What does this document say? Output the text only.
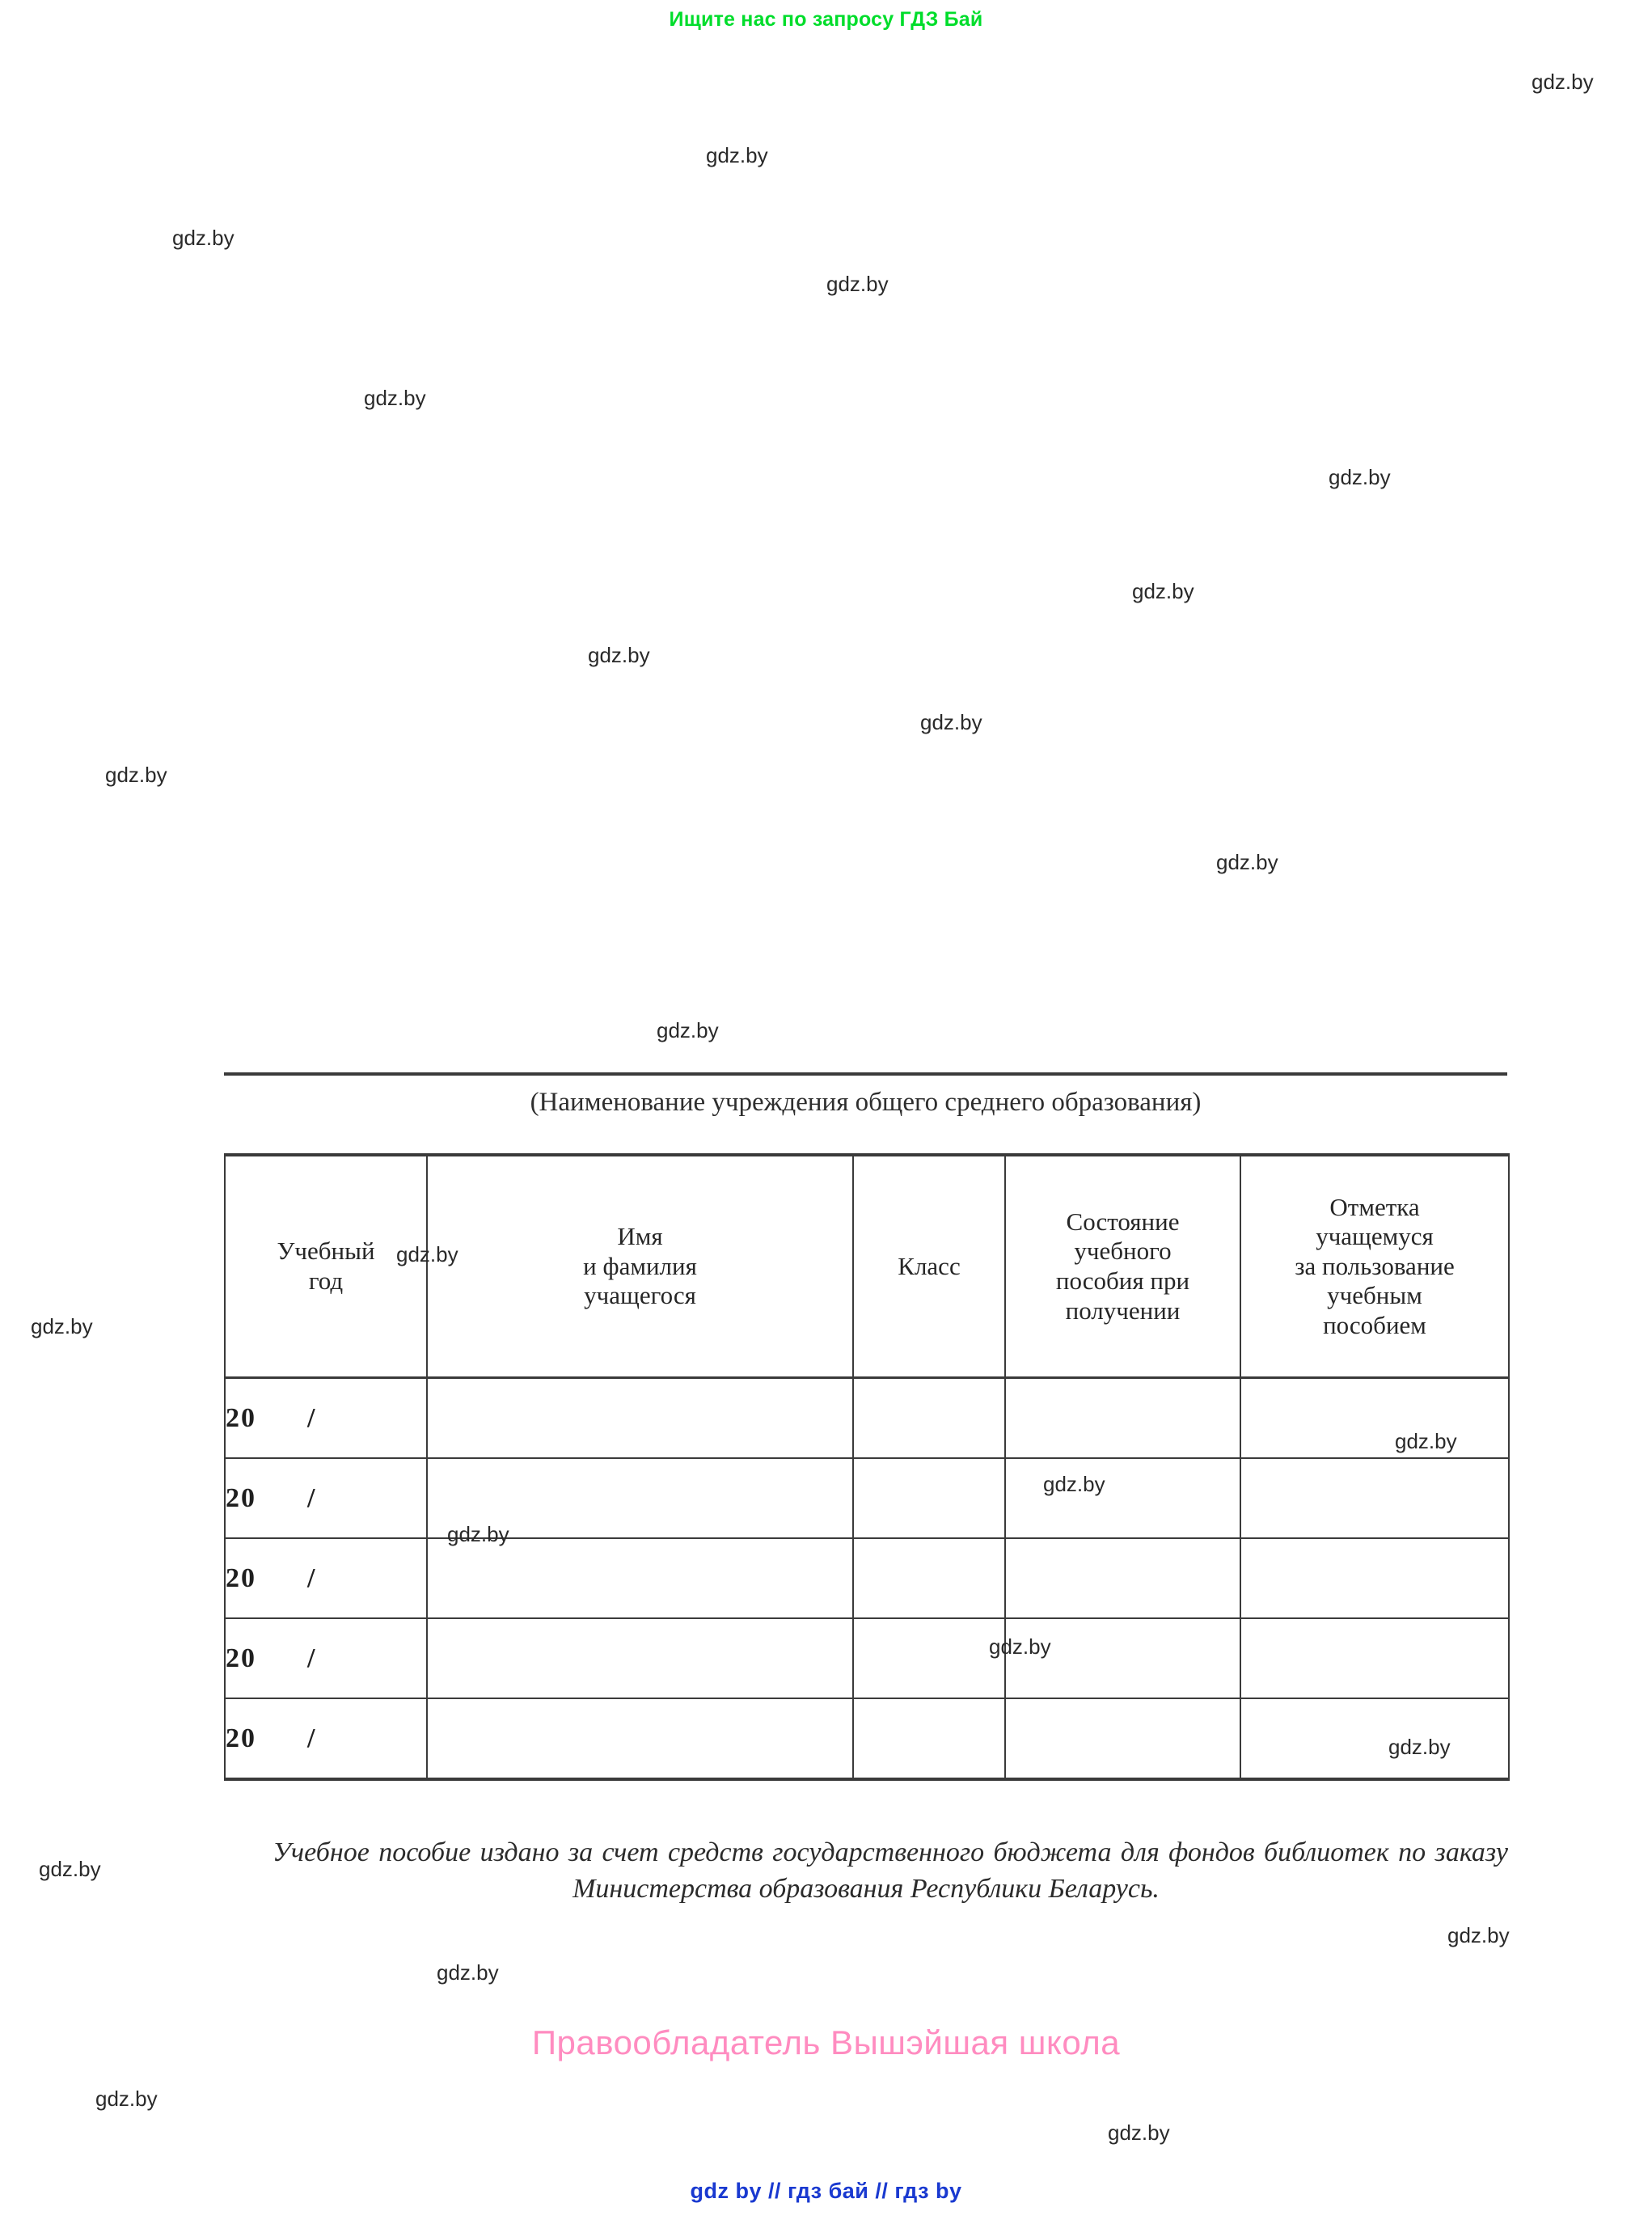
Ищите нас по запросу ГДЗ Бай
(Наименование учреждения общего среднего образования)
Учебный
год	Имя
и фамилия
учащегося	Класс	Состояние
учебного
пособия при
получении	Отметка
учащемуся
за пользование
учебным
пособием
20      /				
20      /				
20      /				
20      /				
20      /				
Учебное пособие издано за счет средств государственного бюджета для фондов библиотек по заказу Министерства образования Республики Беларусь.
Правообладатель Вышэйшая школа
gdz by // гдз бай // гдз by
gdz.by
gdz.by
gdz.by
gdz.by
gdz.by
gdz.by
gdz.by
gdz.by
gdz.by
gdz.by
gdz.by
gdz.by
gdz.by
gdz.by
gdz.by
gdz.by
gdz.by
gdz.by
gdz.by
gdz.by
gdz.by
gdz.by
gdz.by
gdz.by
